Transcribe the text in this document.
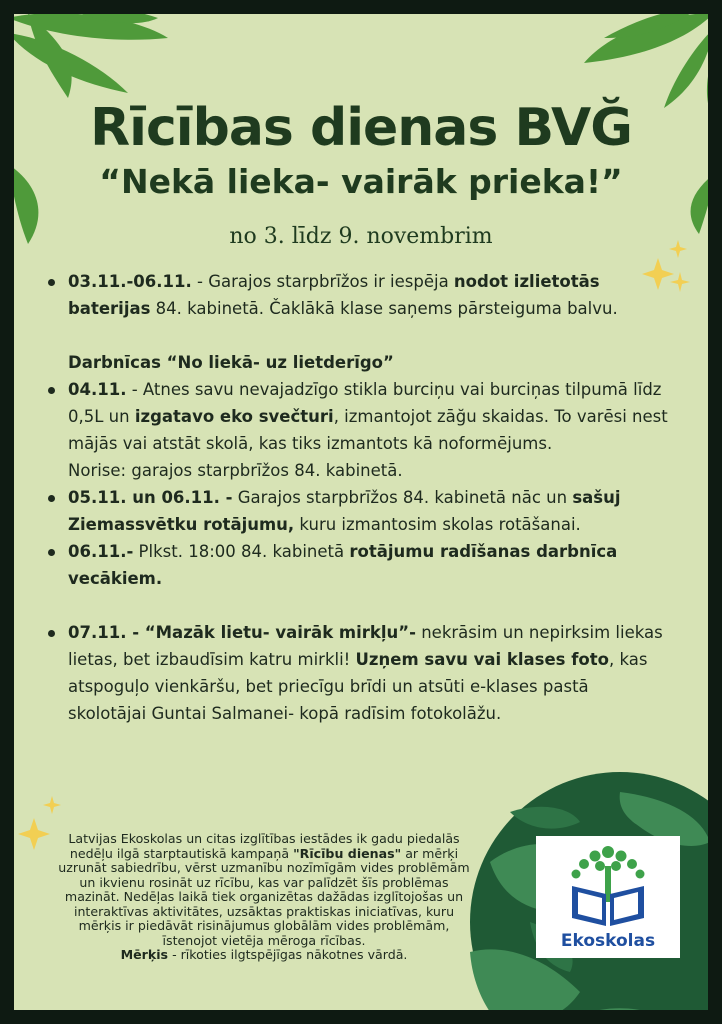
Rīcības dienas BVĞ
“Nekā lieka- vairāk prieka!”
no 3. līdz 9. novembrim
03.11.-06.11. - Garajos starpbrīžos ir iespēja nodot izlietotās baterijas 84. kabinetā. Čaklākā klase saņems pārsteiguma balvu.
Darbnīcas “No liekā- uz lietderīgo”
04.11. - Atnes savu nevajadzīgo stikla burciņu vai burciņas tilpumā līdz 0,5L un izgatavo eko svečturi, izmantojot zāğu skaidas. To varēsi nest mājās vai atstāt skolā, kas tiks izmantots kā noformējums.
Norise: garajos starpbrīžos 84. kabinetā.
05.11. un 06.11. - Garajos starpbrīžos 84. kabinetā nāc un sašuj Ziemassvētku rotājumu, kuru izmantosim skolas rotāšanai.
06.11.- Plkst. 18:00 84. kabinetā rotājumu radīšanas darbnīca vecākiem.
07.11. - “Mazāk lietu- vairāk mirkļu”- nekrāsim un nepirksim liekas lietas, bet izbaudīsim katru mirkli! Uzņem savu vai klases foto, kas atspoguļo vienkāršu, bet priecīgu brīdi un atsūti e-klases pastā skolotājai Guntai Salmanei- kopā radīsim fotokolāžu.
Ekoskolas
Latvijas Ekoskolas un citas izglītības iestādes ik gadu piedalās nedēļu ilgā starptautiskā kampaņā "Rīcību dienas" ar mērķi uzrunāt sabiedrību, vērst uzmanību nozīmīgām vides problēmām un ikvienu rosināt uz rīcību, kas var palīdzēt šīs problēmas mazināt. Nedēļas laikā tiek organizētas dažādas izglītojošas un interaktīvas aktivitātes, uzsāktas praktiskas iniciatīvas, kuru mērķis ir piedāvāt risinājumus globālām vides problēmām, īstenojot vietēja mēroga rīcības.
Mērķis - rīkoties ilgtspējīgas nākotnes vārdā.
